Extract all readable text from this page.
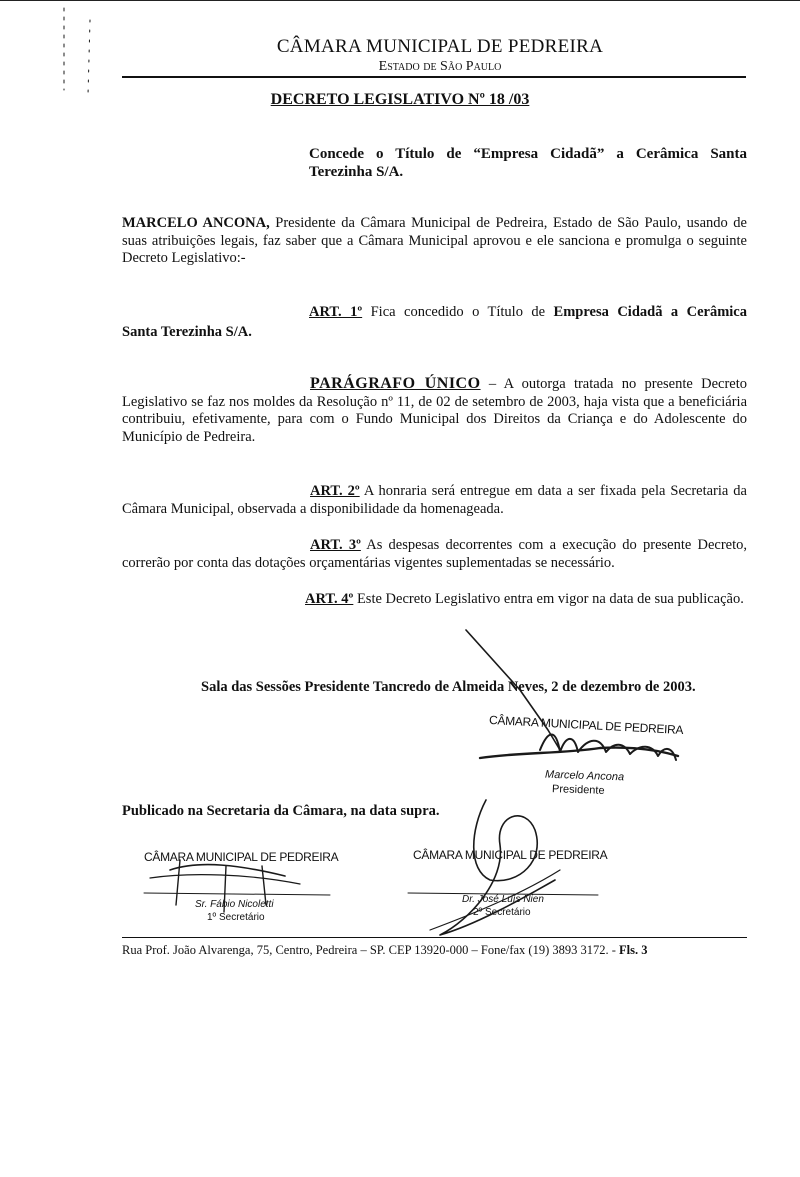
CÂMARA MUNICIPAL DE PEDREIRA

Estado de São Paulo

DECRETO LEGISLATIVO Nº 18 /03

Concede o Título de “Empresa Cidadã” a Cerâmica Santa Terezinha S/A.

MARCELO ANCONA, Presidente da Câmara Municipal de Pedreira, Estado de São Paulo, usando de suas atribuições legais, faz saber que a Câmara Municipal aprovou e ele sanciona e promulga o seguinte Decreto Legislativo:-

ART. 1º Fica concedido o Título de Empresa Cidadã a Cerâmica

Santa Terezinha S/A.

PARÁGRAFO ÚNICO – A outorga tratada no presente Decreto Legislativo se faz nos moldes da Resolução nº 11, de 02 de setembro de 2003, haja vista que a beneficiária contribuiu, efetivamente, para com o Fundo Municipal dos Direitos da Criança e do Adolescente do Município de Pedreira.

ART. 2º A honraria será entregue em data a ser fixada pela Secretaria da Câmara Municipal, observada a disponibilidade da homenageada.

ART. 3º As despesas decorrentes com a execução do presente Decreto, correrão por conta das dotações orçamentárias vigentes suplementadas se necessário.

ART. 4º Este Decreto Legislativo entra em vigor na data de sua publicação.

Sala das Sessões Presidente Tancredo de Almeida Neves, 2 de dezembro de 2003.

CÂMARA MUNICIPAL DE PEDREIRA

Marcelo Ancona

Presidente

Publicado na Secretaria da Câmara, na data supra.

CÂMARA MUNICIPAL DE PEDREIRA

Sr. Fábio Nicoletti

1º Secretário

CÂMARA MUNICIPAL DE PEDREIRA

Dr. José Luís Nien

2º Secretário

Rua Prof. João Alvarenga, 75, Centro, Pedreira – SP. CEP 13920-000 – Fone/fax (19) 3893 3172. - Fls. 3
